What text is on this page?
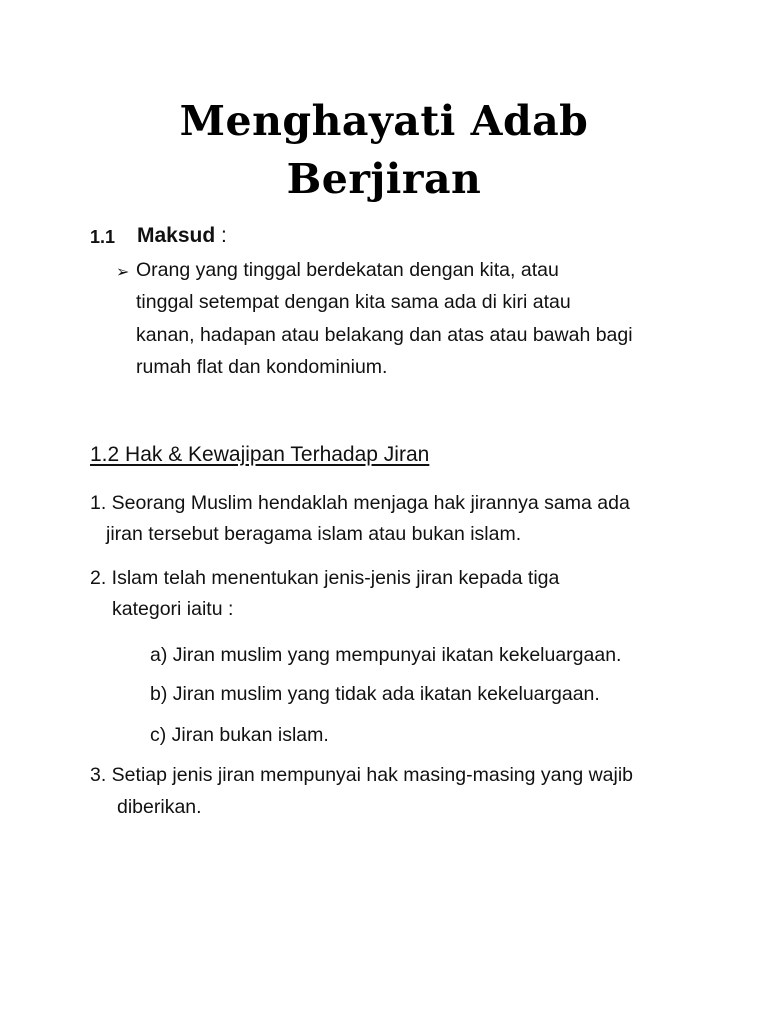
Menghayati Adab
Berjiran
1.1 Maksud :
➢ Orang yang tinggal berdekatan dengan kita, atau
tinggal setempat dengan kita sama ada di kiri atau
kanan, hadapan atau belakang dan atas atau bawah bagi
rumah flat dan kondominium.
1.2 Hak & Kewajipan Terhadap Jiran
1. Seorang Muslim hendaklah menjaga hak jirannya sama ada
jiran tersebut beragama islam atau bukan islam.
2. Islam telah menentukan jenis-jenis jiran kepada tiga
kategori iaitu :
a) Jiran muslim yang mempunyai ikatan kekeluargaan.
b) Jiran muslim yang tidak ada ikatan kekeluargaan.
c) Jiran bukan islam.
3. Setiap jenis jiran mempunyai hak masing-masing yang wajib
diberikan.
